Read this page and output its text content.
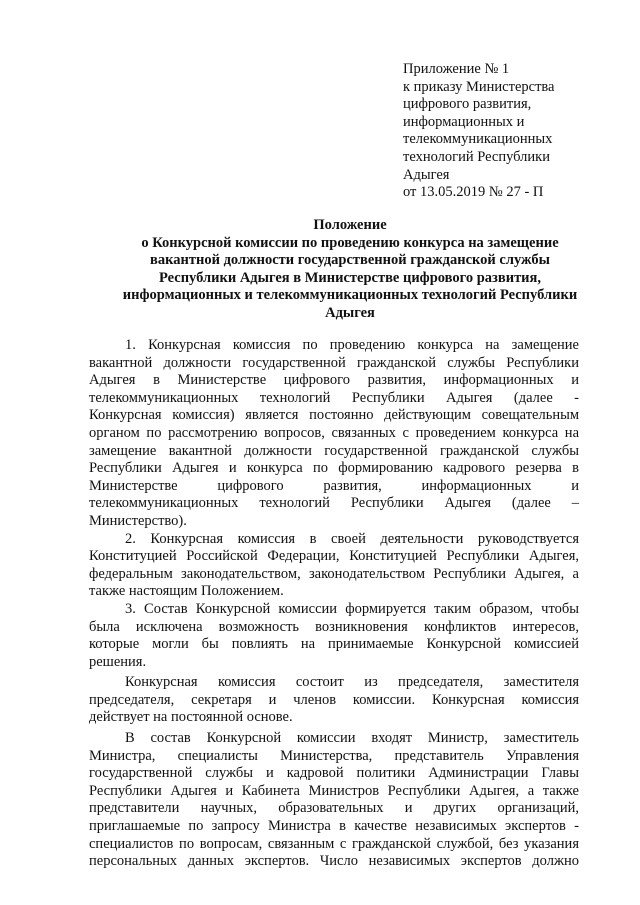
Приложение № 1
к приказу Министерства
цифрового развития,
информационных и
телекоммуникационных
технологий Республики
Адыгея
от 13.05.2019 № 27 - П
Положение
о Конкурсной комиссии по проведению конкурса на замещение
вакантной должности государственной гражданской службы
Республики Адыгея в Министерстве цифрового развития,
информационных и телекоммуникационных технологий Республики
Адыгея
1. Конкурсная комиссия по проведению конкурса на замещение
вакантной должности государственной гражданской службы Республики
Адыгея в Министерстве цифрового развития, информационных и
телекоммуникационных технологий Республики Адыгея (далее -
Конкурсная комиссия) является постоянно действующим совещательным
органом по рассмотрению вопросов, связанных с проведением конкурса на
замещение вакантной должности государственной гражданской службы
Республики Адыгея и конкурса по формированию кадрового резерва в
Министерстве цифрового развития, информационных и
телекоммуникационных технологий Республики Адыгея (далее –
Министерство).
2. Конкурсная комиссия в своей деятельности руководствуется
Конституцией Российской Федерации, Конституцией Республики Адыгея,
федеральным законодательством, законодательством Республики Адыгея, а
также настоящим Положением.
3. Состав Конкурсной комиссии формируется таким образом, чтобы
была исключена возможность возникновения конфликтов интересов,
которые могли бы повлиять на принимаемые Конкурсной комиссией
решения.
Конкурсная комиссия состоит из председателя, заместителя
председателя, секретаря и членов комиссии. Конкурсная комиссия
действует на постоянной основе.
В состав Конкурсной комиссии входят Министр, заместитель
Министра, специалисты Министерства, представитель Управления
государственной службы и кадровой политики Администрации Главы
Республики Адыгея и Кабинета Министров Республики Адыгея, а также
представители научных, образовательных и других организаций,
приглашаемые по запросу Министра в качестве независимых экспертов -
специалистов по вопросам, связанным с гражданской службой, без указания
персональных данных экспертов. Число независимых экспертов должно
